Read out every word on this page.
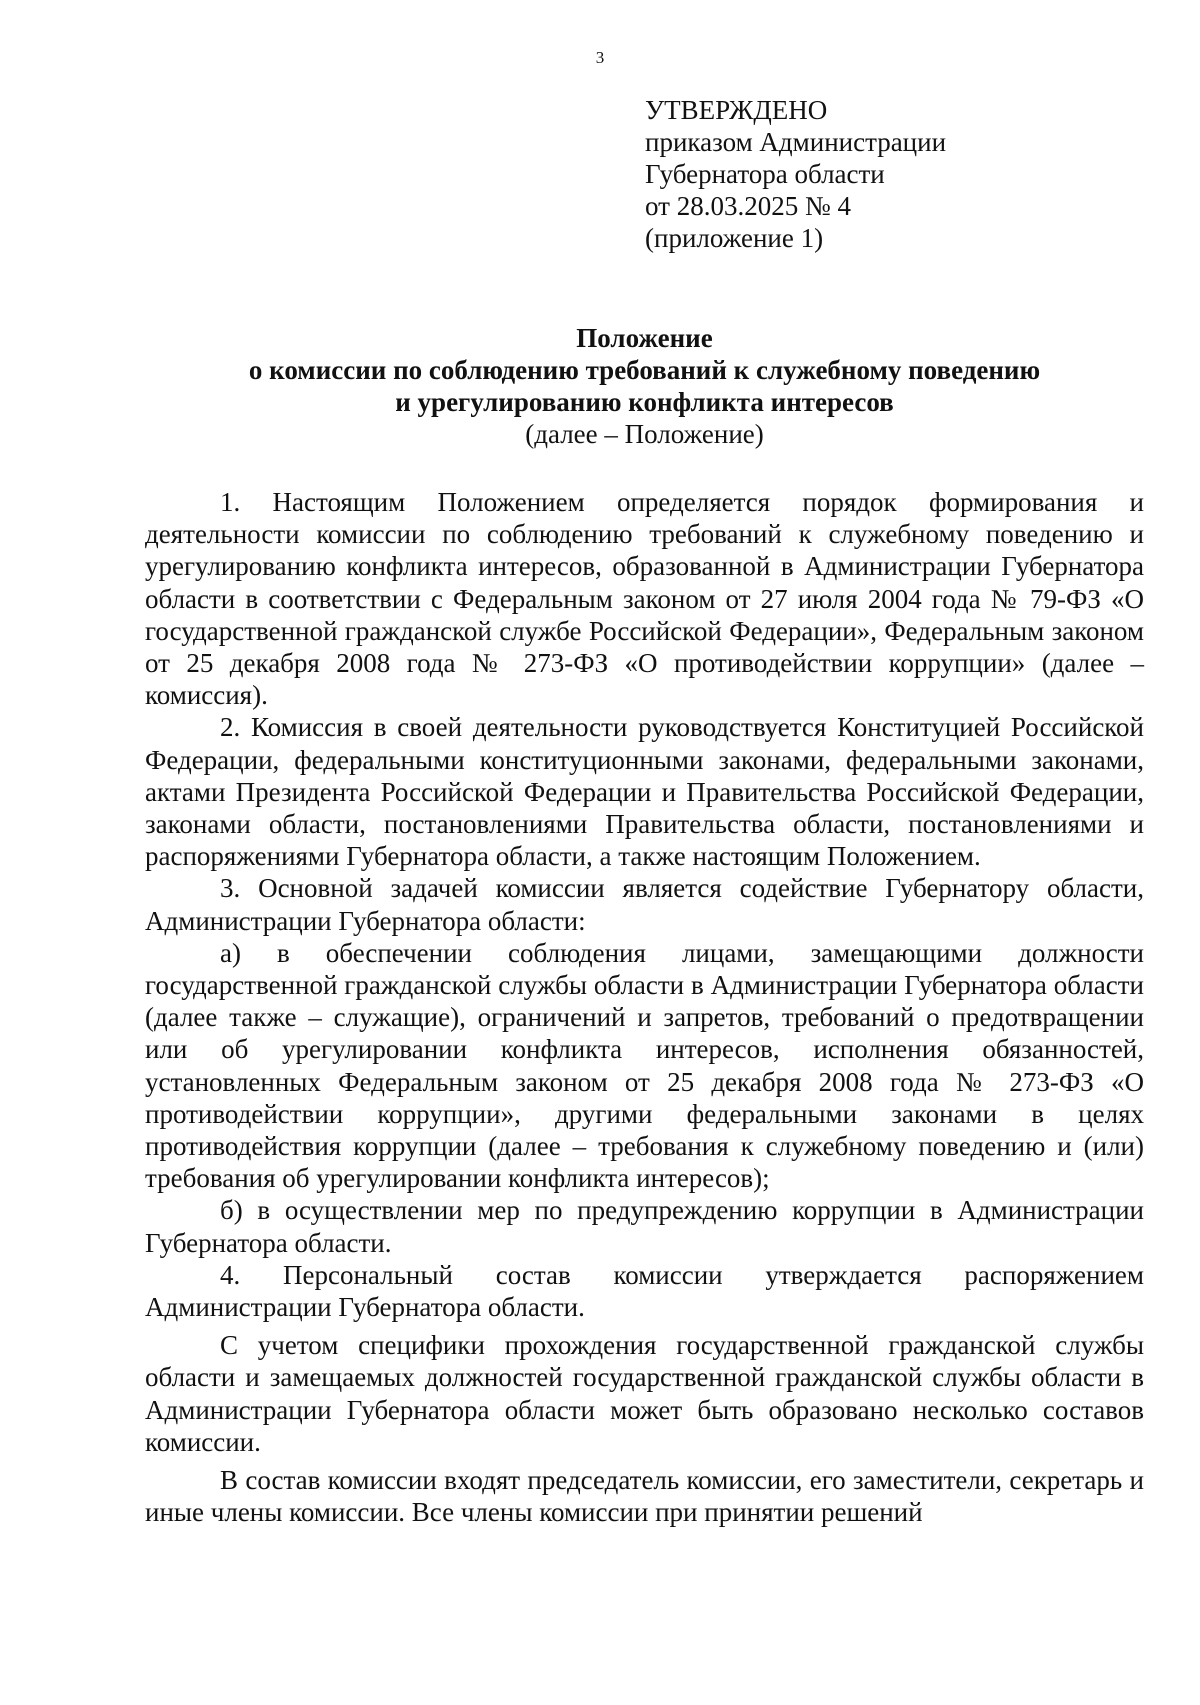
3
УТВЕРЖДЕНО
приказом Администрации
Губернатора области
от 28.03.2025 № 4
(приложение 1)
Положение
о комиссии по соблюдению требований к служебному поведению
и урегулированию конфликта интересов
(далее – Положение)

1. Настоящим Положением определяется порядок формирования и деятельности комиссии по соблюдению требований к служебному поведению и урегулированию конфликта интересов, образованной в Администрации Губернатора области в соответствии с Федеральным законом от 27 июля 2004 года № 79-ФЗ «О государственной гражданской службе Российской Федерации», Федеральным законом от 25 декабря 2008 года № 273-ФЗ «О противодействии коррупции» (далее – комиссия).

2. Комиссия в своей деятельности руководствуется Конституцией Российской Федерации, федеральными конституционными законами, федеральными законами, актами Президента Российской Федерации и Правительства Российской Федерации, законами области, постановлениями Правительства области, постановлениями и распоряжениями Губернатора области, а также настоящим Положением.

3. Основной задачей комиссии является содействие Губернатору области, Администрации Губернатора области:

а) в обеспечении соблюдения лицами, замещающими должности государственной гражданской службы области в Администрации Губернатора области (далее также – служащие), ограничений и запретов, требований о предотвращении или об урегулировании конфликта интересов, исполнения обязанностей, установленных Федеральным законом от 25 декабря 2008 года № 273-ФЗ «О противодействии коррупции», другими федеральными законами в целях противодействия коррупции (далее – требования к служебному поведению и (или) требования об урегулировании конфликта интересов);

б) в осуществлении мер по предупреждению коррупции в Администрации Губернатора области.

4. Персональный состав комиссии утверждается распоряжением Администрации Губернатора области.

С учетом специфики прохождения государственной гражданской службы области и замещаемых должностей государственной гражданской службы области в Администрации Губернатора области может быть образовано несколько составов комиссии.

В состав комиссии входят председатель комиссии, его заместители, секретарь и иные члены комиссии. Все члены комиссии при принятии решений
